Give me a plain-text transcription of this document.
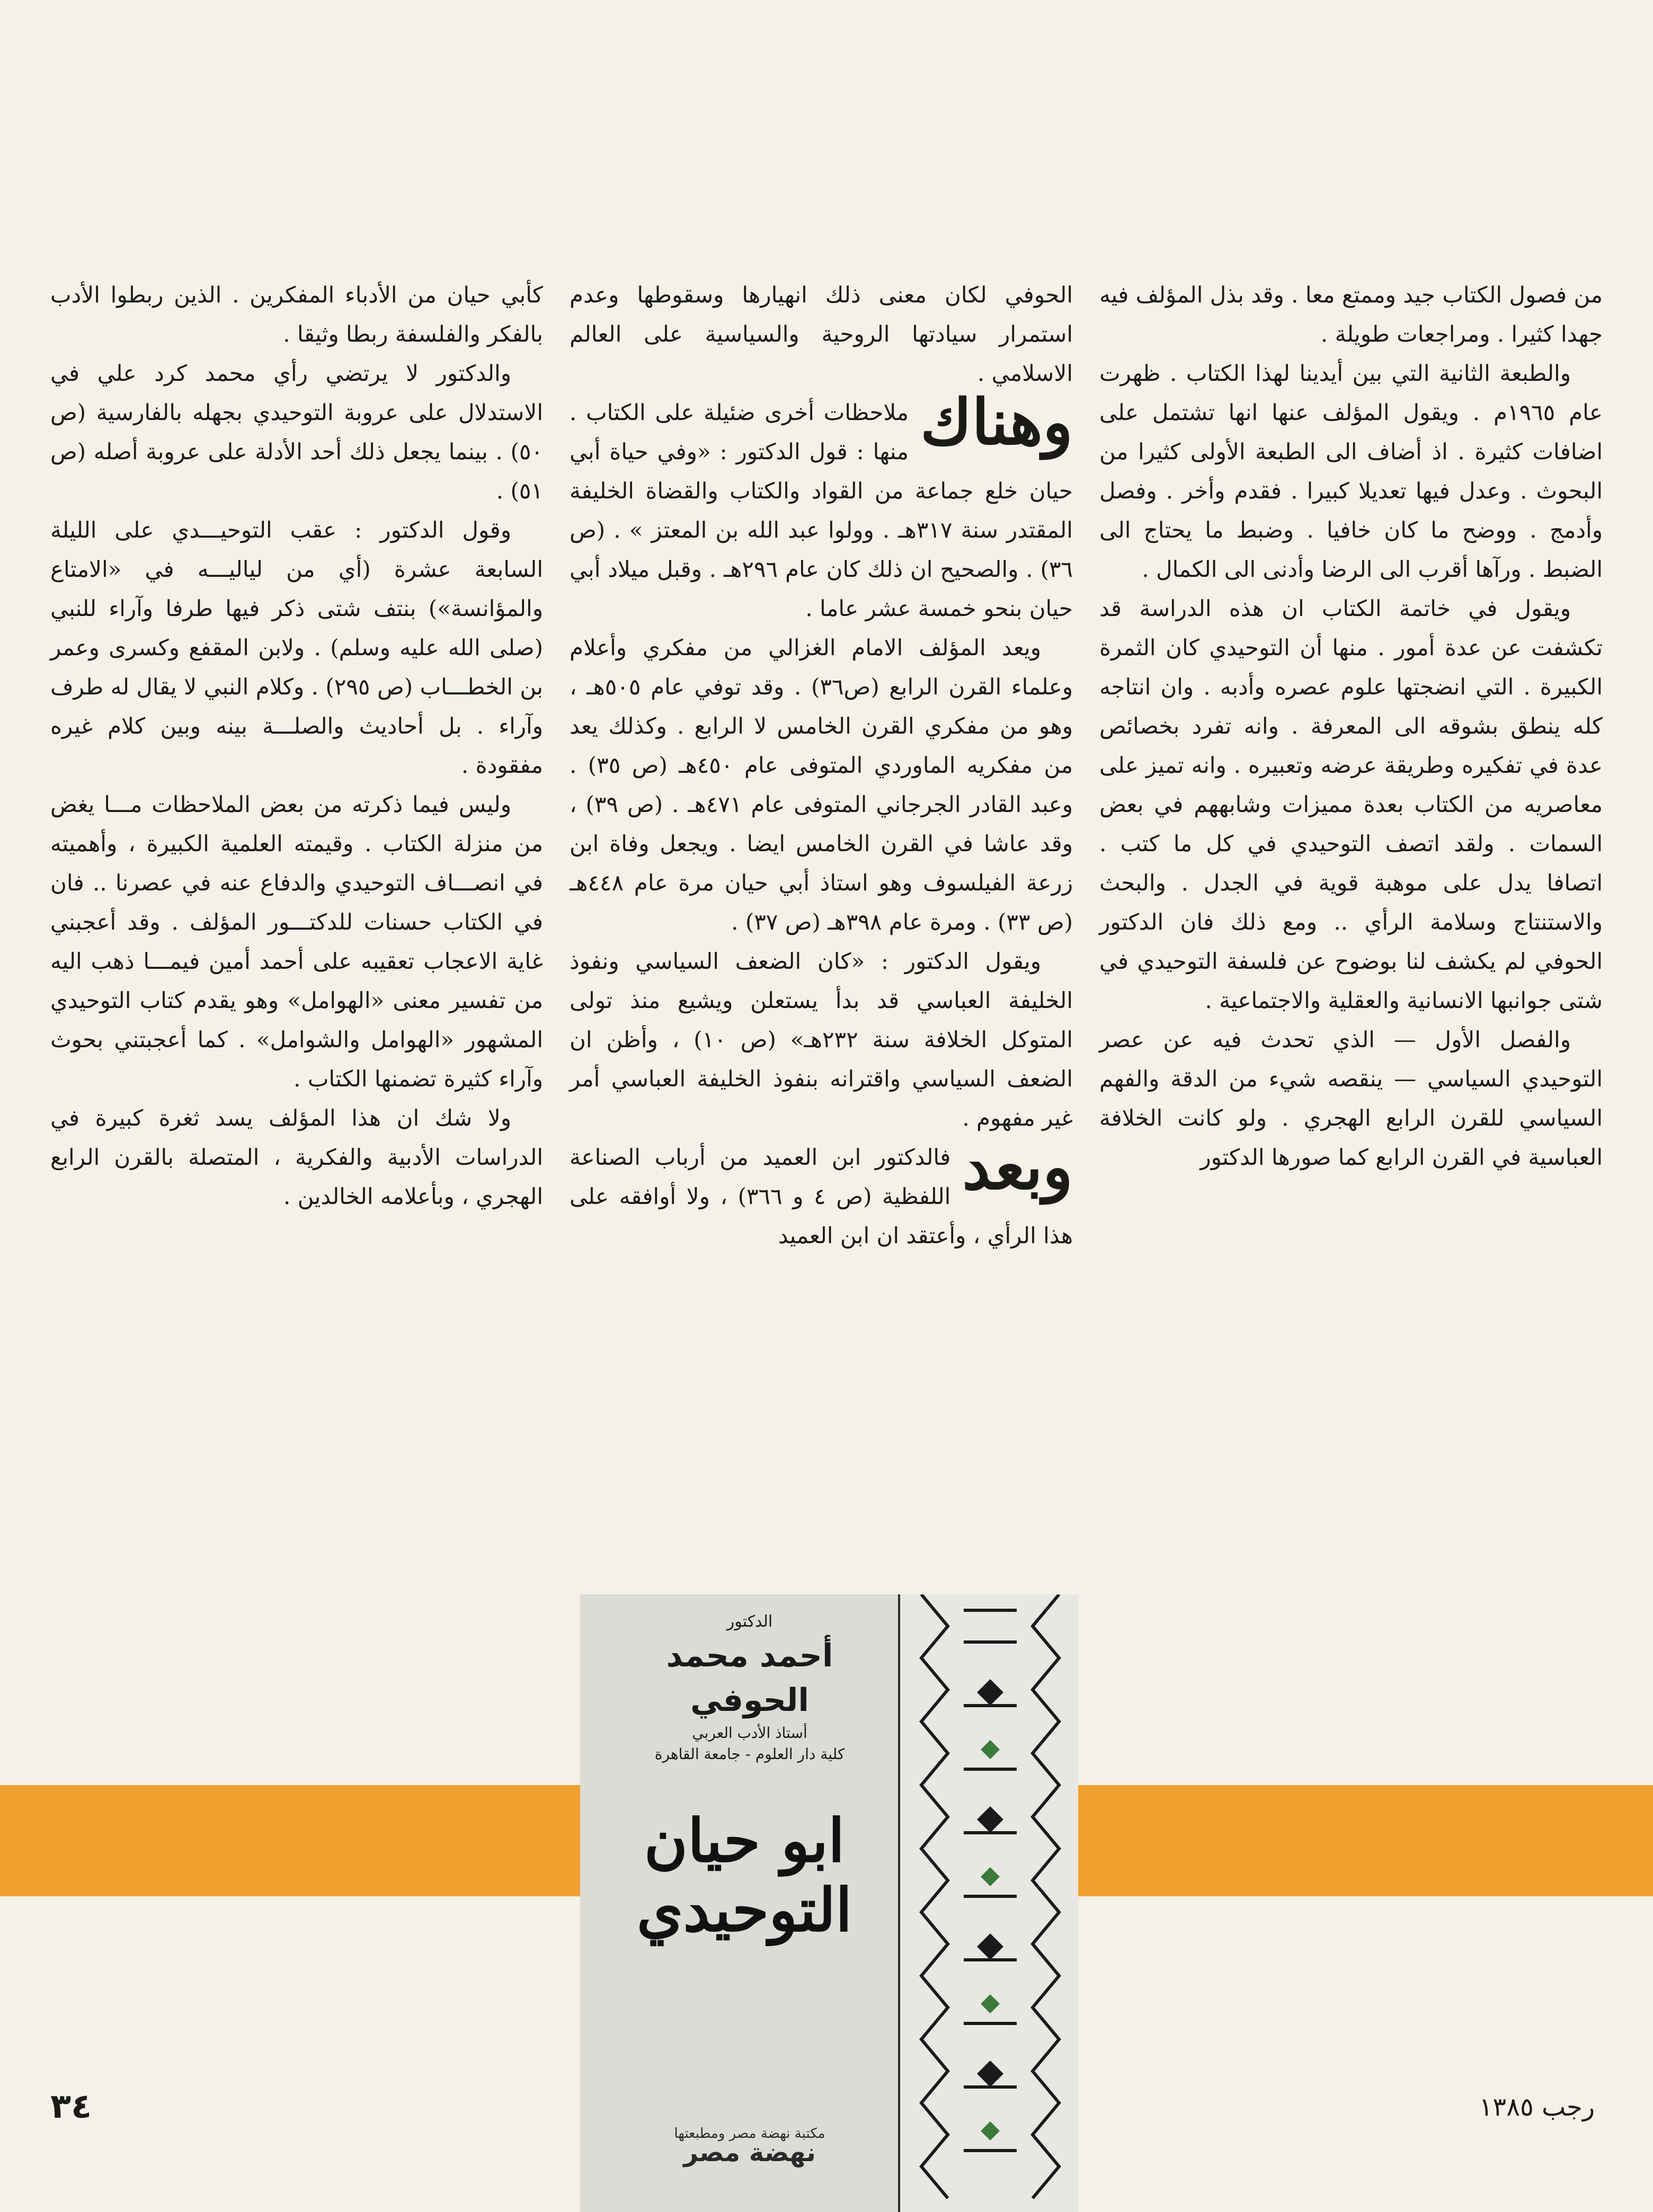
من فصول الكتاب جيد وممتع معا . وقد بذل المؤلف فيه جهدا كثيرا . ومراجعات طويلة .

والطبعة الثانية التي بين أيدينا لهذا الكتاب . ظهرت عام ١٩٦٥م . ويقول المؤلف عنها انها تشتمل على اضافات كثيرة . اذ أضاف الى الطبعة الأولى كثيرا من البحوث . وعدل فيها تعديلا كبيرا . فقدم وأخر . وفصل وأدمج . ووضح ما كان خافيا . وضبط ما يحتاج الى الضبط . ورآها أقرب الى الرضا وأدنى الى الكمال .

ويقول في خاتمة الكتاب ان هذه الدراسة قد تكشفت عن عدة أمور . منها أن التوحيدي كان الثمرة الكبيرة . التي انضجتها علوم عصره وأدبه . وان انتاجه كله ينطق بشوقه الى المعرفة . وانه تفرد بخصائص عدة في تفكيره وطريقة عرضه وتعبيره . وانه تميز على معاصريه من الكتاب بعدة مميزات وشابههم في بعض السمات . ولقد اتصف التوحيدي في كل ما كتب . اتصافا يدل على موهبة قوية في الجدل . والبحث والاستنتاج وسلامة الرأي .. ومع ذلك فان الدكتور الحوفي لم يكشف لنا بوضوح عن فلسفة التوحيدي في شتى جوانبها الانسانية والعقلية والاجتماعية .

والفصل الأول — الذي تحدث فيه عن عصر التوحيدي السياسي — ينقصه شيء من الدقة والفهم السياسي للقرن الرابع الهجري . ولو كانت الخلافة العباسية في القرن الرابع كما صورها الدكتور

الحوفي لكان معنى ذلك انهيارها وسقوطها وعدم استمرار سيادتها الروحية والسياسية على العالم الاسلامي .

وهناك
ملاحظات أخرى ضئيلة على الكتاب . منها : قول الدكتور : «وفي حياة أبي حيان خلع جماعة من القواد والكتاب والقضاة الخليفة المقتدر سنة ٣١٧هـ . وولوا عبد الله بن المعتز » . (ص ٣٦) . والصحيح ان ذلك كان عام ٢٩٦هـ . وقبل ميلاد أبي حيان بنحو خمسة عشر عاما .

ويعد المؤلف الامام الغزالي من مفكري وأعلام وعلماء القرن الرابع (ص٣٦) . وقد توفي عام ٥٠٥هـ ، وهو من مفكري القرن الخامس لا الرابع . وكذلك يعد من مفكريه الماوردي المتوفى عام ٤٥٠هـ (ص ٣٥) . وعبد القادر الجرجاني المتوفى عام ٤٧١هـ . (ص ٣٩) ، وقد عاشا في القرن الخامس ايضا . ويجعل وفاة ابن زرعة الفيلسوف وهو استاذ أبي حيان مرة عام ٤٤٨هـ (ص ٣٣) . ومرة عام ٣٩٨هـ (ص ٣٧) .

ويقول الدكتور : «كان الضعف السياسي ونفوذ الخليفة العباسي قد بدأ يستعلن ويشيع منذ تولى المتوكل الخلافة سنة ٢٣٢هـ» (ص ١٠) ، وأظن ان الضعف السياسي واقترانه بنفوذ الخليفة العباسي أمر غير مفهوم .

وبعد
فالدكتور ابن العميد من أرباب الصناعة اللفظية (ص ٤ و ٣٦٦) ، ولا أوافقه على هذا الرأي ، وأعتقد ان ابن العميد

كأبي حيان من الأدباء المفكرين . الذين ربطوا الأدب بالفكر والفلسفة ربطا وثيقا .

والدكتور لا يرتضي رأي محمد كرد علي في الاستدلال على عروبة التوحيدي بجهله بالفارسية (ص ٥٠) . بينما يجعل ذلك أحد الأدلة على عروبة أصله (ص ٥١) .

وقول الدكتور : عقب التوحيـــدي على الليلة السابعة عشرة (أي من لياليـــه في «الامتاع والمؤانسة») بنتف شتى ذكر فيها طرفا وآراء للنبي (صلى الله عليه وسلم) . ولابن المقفع وكسرى وعمر بن الخطـــاب (ص ٢٩٥) . وكلام النبي لا يقال له طرف وآراء . بل أحاديث والصلـــة بينه وبين كلام غيره مفقودة .

وليس فيما ذكرته من بعض الملاحظات مـــا يغض من منزلة الكتاب . وقيمته العلمية الكبيرة ، وأهميته في انصـــاف التوحيدي والدفاع عنه في عصرنا .. فان في الكتاب حسنات للدكتـــور المؤلف . وقد أعجبني غاية الاعجاب تعقيبه على أحمد أمين فيمـــا ذهب اليه من تفسير معنى «الهوامل» وهو يقدم كتاب التوحيدي المشهور «الهوامل والشوامل» . كما أعجبتني بحوث وآراء كثيرة تضمنها الكتاب .

ولا شك ان هذا المؤلف يسد ثغرة كبيرة في الدراسات الأدبية والفكرية ، المتصلة بالقرن الرابع الهجري ، وبأعلامه الخالدين .

الدكتور
أحمد محمد الحوفي
أستاذ الأدب العربي
كلية دار العلوم - جامعة القاهرة
ابو حيان التوحيدي
مكتبة نهضة مصر ومطبعتها
نهضة مصر
٣٤	رجب ١٣٨٥
